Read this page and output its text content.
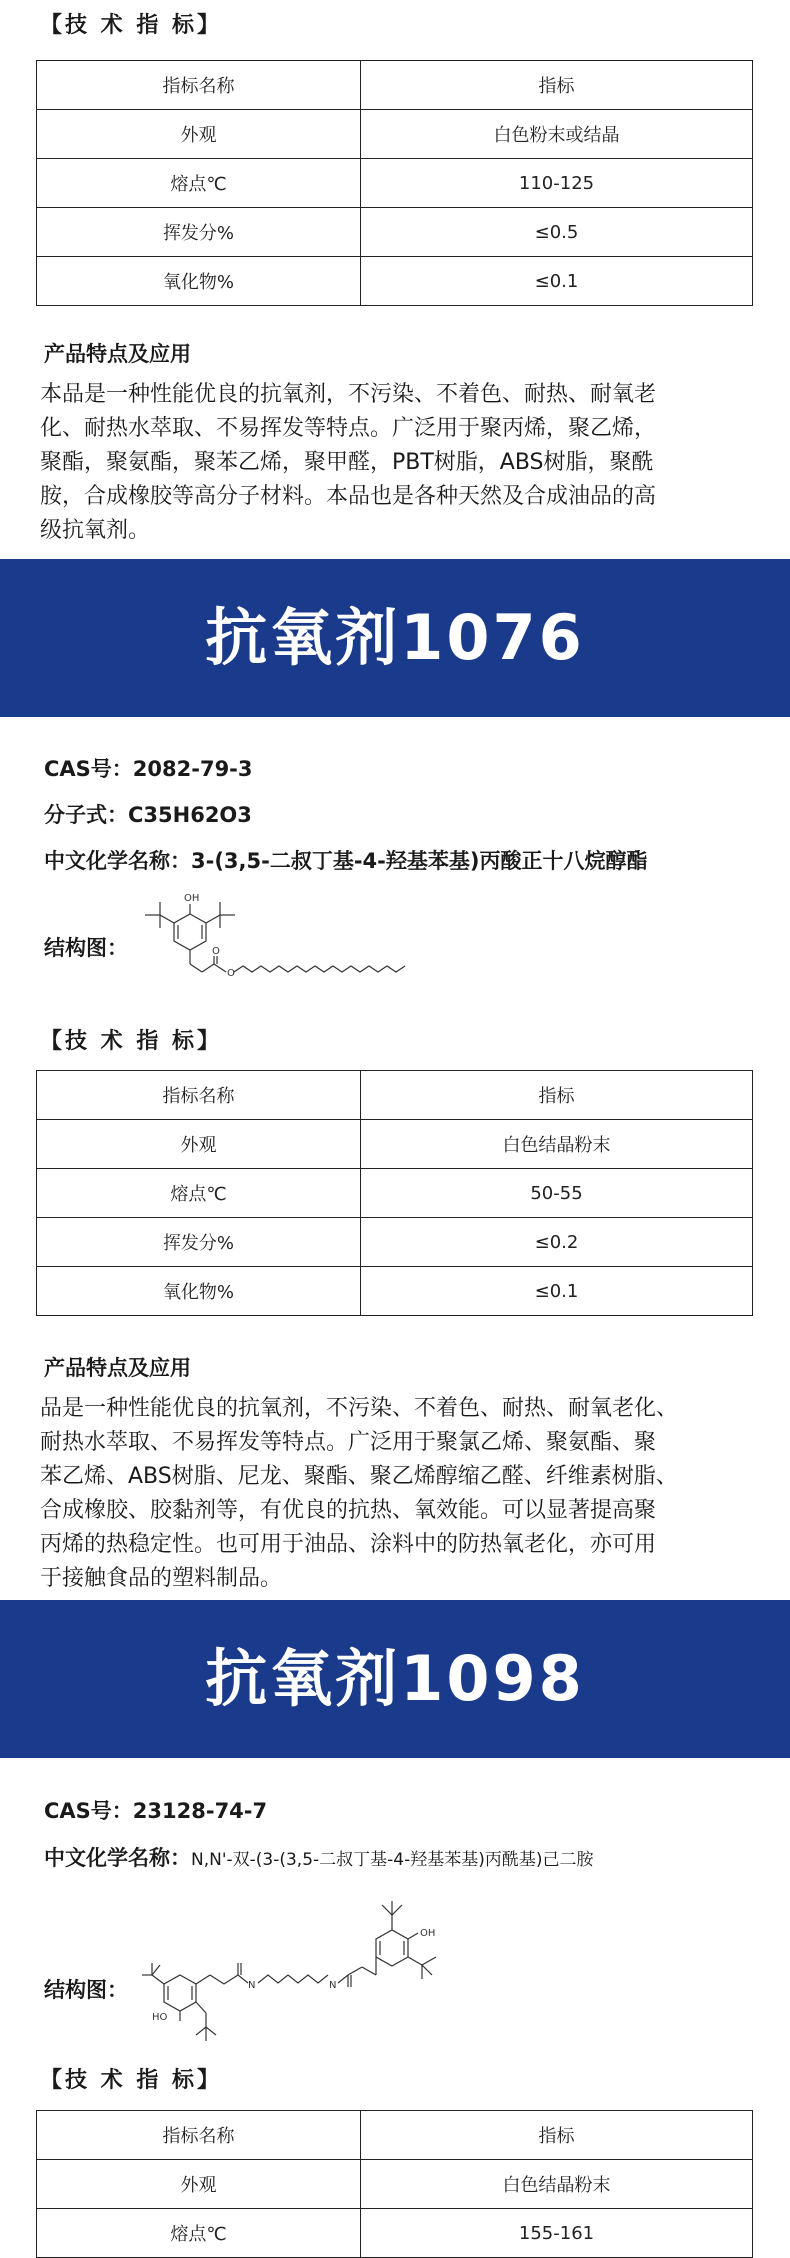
【技 术 指 标】
指标名称	指标
外观	白色粉末或结晶
熔点℃	110-125
挥发分%	≤0.5
氧化物%	≤0.1
产品特点及应用
本品是一种性能优良的抗氧剂，不污染、不着色、耐热、耐氧老
化、耐热水萃取、不易挥发等特点。广泛用于聚丙烯，聚乙烯，
聚酯，聚氨酯，聚苯乙烯，聚甲醛，PBT树脂，ABS树脂，聚酰
胺，合成橡胶等高分子材料。本品也是各种天然及合成油品的高
级抗氧剂。
抗氧剂1076
CAS号：2082-79-3
分子式：C35H62O3
中文化学名称：3-(3,5-二叔丁基-4-羟基苯基)丙酸正十八烷醇酯
结构图：
OH
O
O
【技 术 指 标】
指标名称	指标
外观	白色结晶粉末
熔点℃	50-55
挥发分%	≤0.2
氧化物%	≤0.1
产品特点及应用
品是一种性能优良的抗氧剂，不污染、不着色、耐热、耐氧老化、
耐热水萃取、不易挥发等特点。广泛用于聚氯乙烯、聚氨酯、聚
苯乙烯、ABS树脂、尼龙、聚酯、聚乙烯醇缩乙醛、纤维素树脂、
合成橡胶、胶黏剂等，有优良的抗热、氧效能。可以显著提高聚
丙烯的热稳定性。也可用于油品、涂料中的防热氧老化，亦可用
于接触食品的塑料制品。
抗氧剂1098
CAS号：23128-74-7
中文化学名称：N,N'-双-(3-(3,5-二叔丁基-4-羟基苯基)丙酰基)己二胺
结构图：
HO
OH
N	N
【技 术 指 标】
指标名称	指标
外观	白色结晶粉末
熔点℃	155-161
